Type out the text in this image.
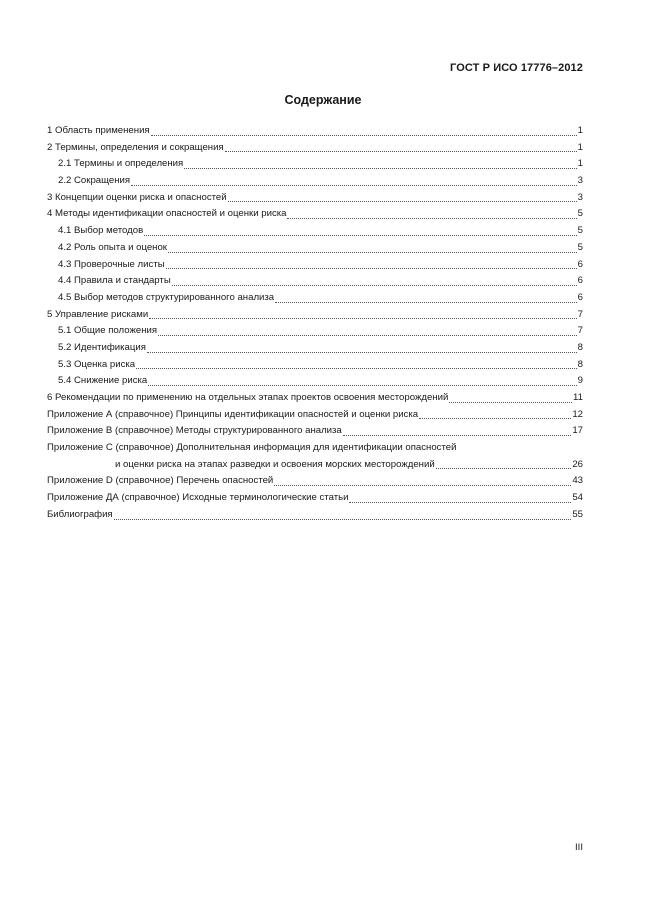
ГОСТ Р ИСО 17776–2012
Содержание
1 Область применения	1
2 Термины, определения и сокращения	1
2.1 Термины и определения	1
2.2 Сокращения	3
3 Концепции оценки риска и опасностей	3
4 Методы идентификации опасностей и оценки риска	5
4.1 Выбор методов	5
4.2 Роль опыта и оценок	5
4.3 Проверочные листы	6
4.4 Правила и стандарты	6
4.5 Выбор методов структурированного анализа	6
5 Управление рисками	7
5.1 Общие положения	7
5.2 Идентификация	8
5.3 Оценка риска	8
5.4 Снижение риска	9
6 Рекомендации по применению на отдельных этапах проектов освоения месторождений	11
Приложение А (справочное) Принципы идентификации опасностей и оценки риска	12
Приложение В (справочное) Методы структурированного анализа	17
Приложение С (справочное) Дополнительная информация для идентификации опасностей
и оценки риска на этапах разведки и освоения морских месторождений	26
Приложение D (справочное) Перечень опасностей	43
Приложение ДА (справочное) Исходные терминологические статьи	54
Библиография	55
III
